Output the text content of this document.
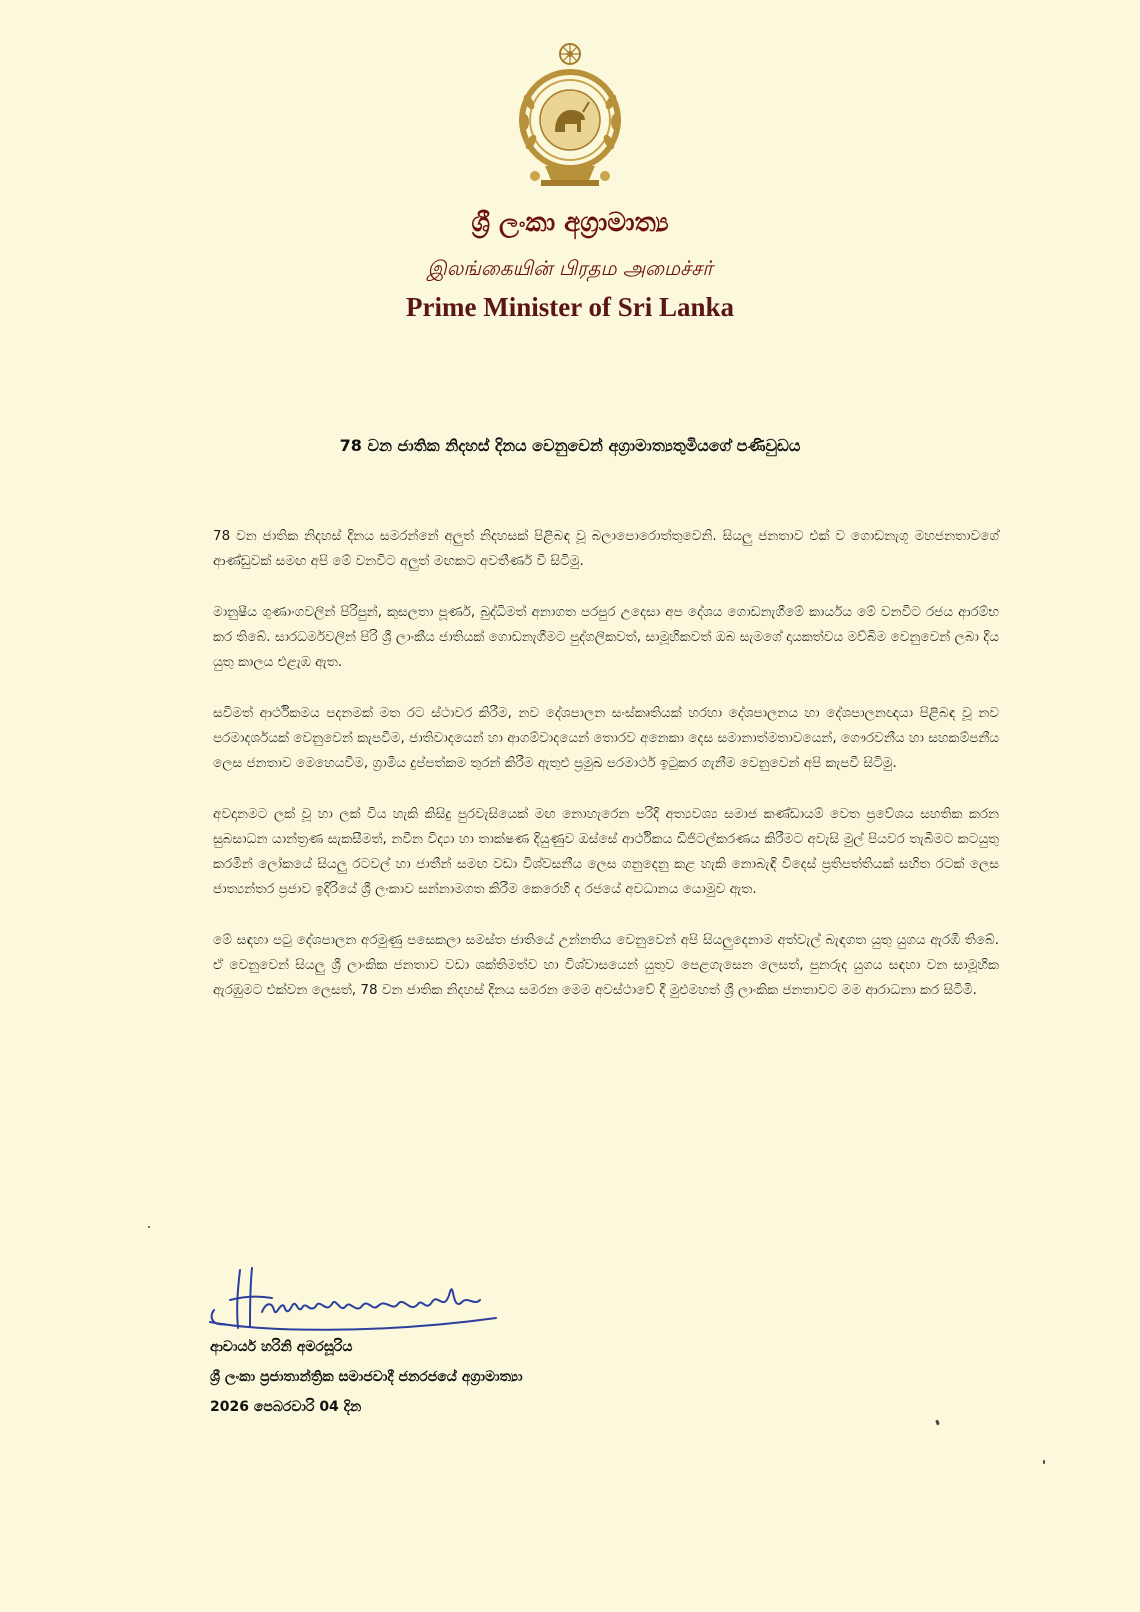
ශ්‍රී ලංකා අග්‍රාමාත්‍ය
இலங்கையின் பிரதம அமைச்சர்
Prime Minister of Sri Lanka
78 වන ජාතික නිදහස් දිනය වෙනුවෙන් අග්‍රාමාත්‍යතුමියගේ පණිවුඩය

78 වන ජාතික නිදහස් දිනය සමරන්නේ අලුත් නිදහසක් පිළිබඳ වූ බලාපොරොත්තුවෙනි. සියලු ජනතාව එක් ව ගොඩනැගූ මහජනතාවගේ ආණ්ඩුවක් සමඟ අපි මේ වනවිට අලුත් මඟකට අවතීර්ණ වී සිටිමු.

මානුෂීය ගුණාංගවලින් පිරිපුන්, කුසලතා පූර්ණ, බුද්ධිමත් අනාගත පරපුර උදෙසා අප දේශය ගොඩනැගීමේ කාර්යය මේ වනවිට රජය ආරම්භ කර තිබේ. සාරධර්මවලින් පිරි ශ්‍රී ලාංකීය ජාතියක් ගොඩනැගීමට පුද්ගලිකවත්, සාමූහිකවත් ඔබ සැමගේ දායකත්වය මව්බිම වෙනුවෙන් ලබා දිය යුතු කාලය එළැඹ ඇත.

සවිමත් ආර්ථිකමය පදනමක් මත රට ස්ථාවර කිරීම, නව දේශපාලන සංස්කෘතියක් හරහා දේශපාලනය හා දේශපාලනඥයා පිළිබඳ වූ නව පරමාදර්ශයක් වෙනුවෙන් කැපවීම, ජාතිවාදයෙන් හා ආගම්වාදයෙන් තොරව අනෙකා දෙස සමානාත්මතාවයෙන්, ගෞරවනීය හා සහකම්පනීය ලෙස ජනතාව මෙහෙයවීම, ග්‍රාමීය දුප්පත්කම තුරන් කිරීම ඇතුළු ප්‍රමුඛ පරමාර්ථ ඉටුකර ගැනීම වෙනුවෙන් අපි කැපවී සිටිමු.

අවදානමට ලක් වූ හා ලක් විය හැකි කිසිදු පුරවැසියෙක් මඟ නොහැරෙන පරිදි අත්‍යවශ්‍ය සමාජ කණ්ඩායම් වෙත ප්‍රවේශය සහතික කරන සුබසාධන යාන්ත්‍රණ සැකසීමත්, නවීන විද්‍යා හා තාක්ෂණ දියුණුව ඔස්සේ ආර්ථිකය ඩිජිටල්කරණය කිරීමට අවැසි මුල් පියවර තැබීමට කටයුතු කරමින් ලෝකයේ සියලු රටවල් හා ජාතීන් සමඟ වඩා විශ්වසනීය ලෙස ගනුදෙනු කළ හැකි නොබැඳි විදෙස් ප්‍රතිපත්තියක් සහිත රටක් ලෙස ජාත්‍යන්තර ප්‍රජාව ඉදිරියේ ශ්‍රී ලංකාව සන්නාමගත කිරීම කෙරෙහි ද රජයේ අවධානය යොමුව ඇත.

මේ සඳහා පටු දේශපාලන අරමුණු පසෙකලා සමස්ත ජාතියේ උන්නතිය වෙනුවෙන් අපි සියලුදෙනාම අත්වැල් බැඳගත යුතු යුගය ඇරඹී තිබේ. ඒ වෙනුවෙන් සියලු ශ්‍රී ලාංකික ජනතාව වඩා ශක්තිමත්ව හා විශ්වාසයෙන් යුතුව පෙළගැසෙන ලෙසත්, පුනරුද යුගය සඳහා වන සාමූහික ඇරඹුමට එක්වන ලෙසත්, 78 වන ජාතික නිදහස් දිනය සමරන මෙම අවස්ථාවේ දී මුළුමහත් ශ්‍රී ලාංකික ජනතාවට මම ආරාධනා කර සිටිමි.

ආචාර්ය හරිනි අමරසූරිය
ශ්‍රී ලංකා ප්‍රජාතාන්ත්‍රික සමාජවාදී ජනරජයේ අග්‍රාමාත්‍යා
2026 පෙබරවාරි 04 දින
